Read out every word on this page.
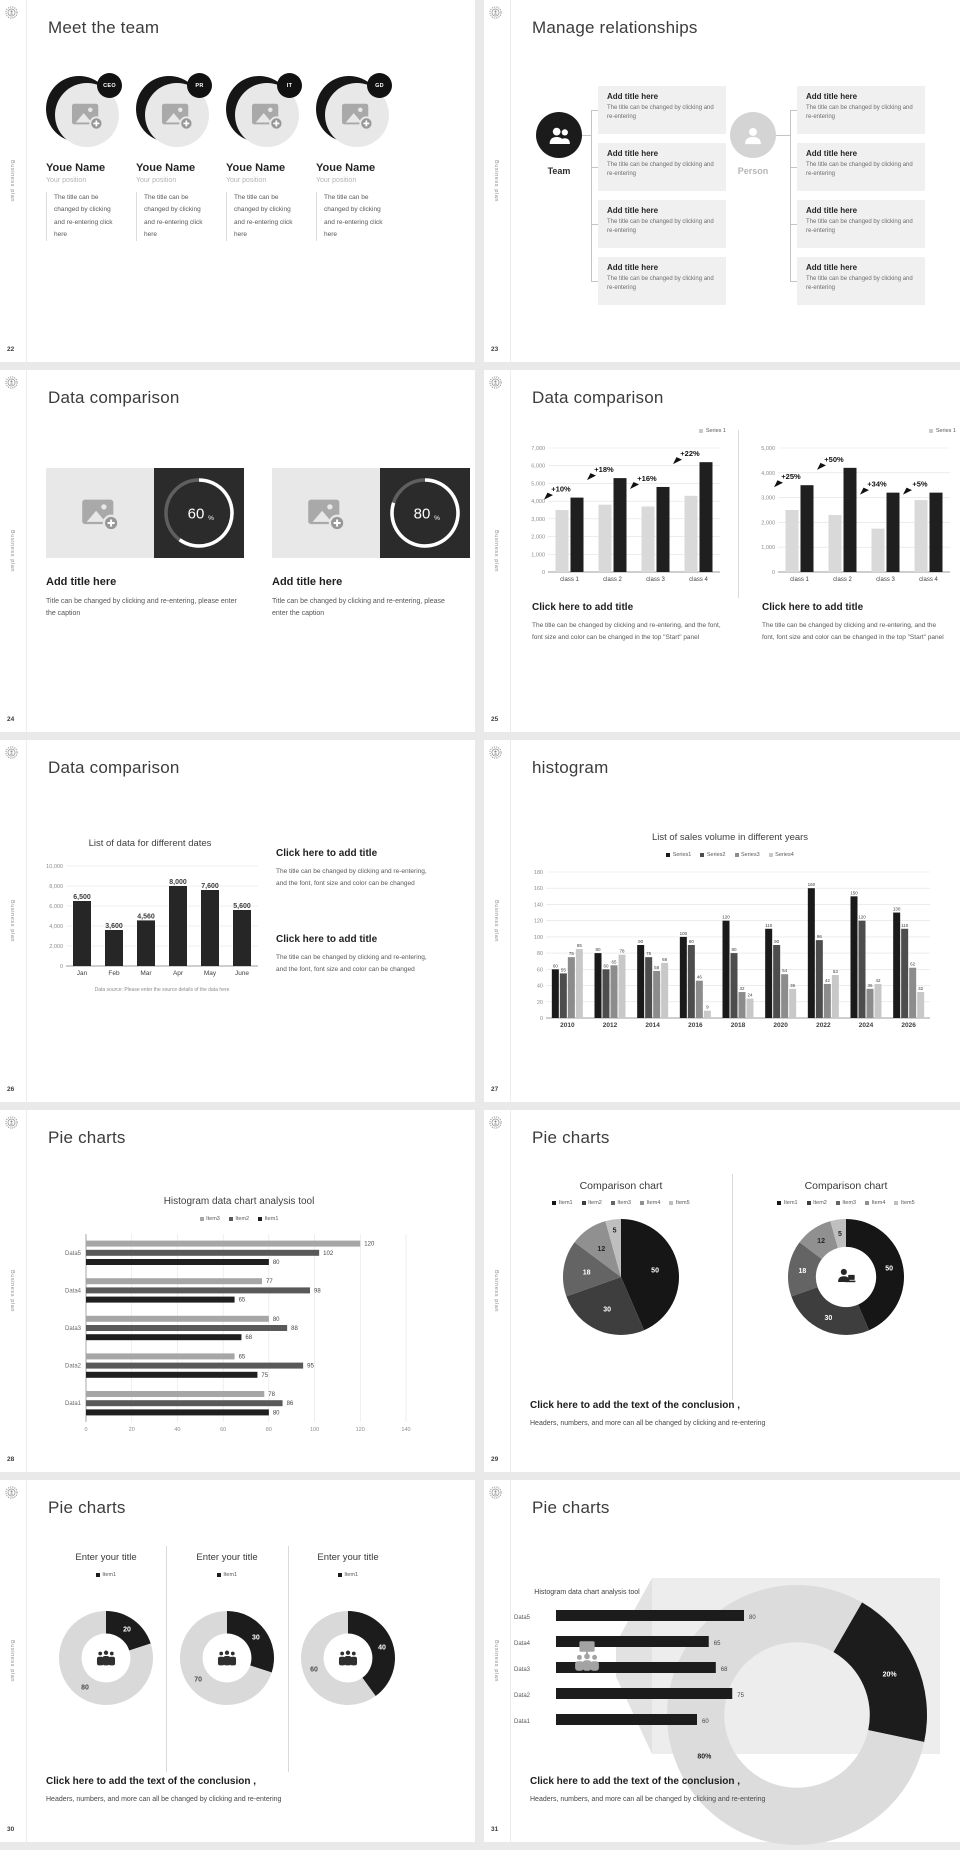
Business plan
22
Meet the team
CEO
Youe Name
Your position
The title can be changed by clicking and re-entering click here
PR
Youe Name
Your position
The title can be changed by clicking and re-entering click here
IT
Youe Name
Your position
The title can be changed by clicking and re-entering click here
GD
Youe Name
Your position
The title can be changed by clicking and re-entering click here
Business plan
23
Manage relationships
Team	Person
Add title here
The title can be changed by clicking and re-entering
Add title here
The title can be changed by clicking and re-entering
Add title here
The title can be changed by clicking and re-entering
Add title here
The title can be changed by clicking and re-entering
Add title here
The title can be changed by clicking and re-entering
Add title here
The title can be changed by clicking and re-entering
Add title here
The title can be changed by clicking and re-entering
Add title here
The title can be changed by clicking and re-entering
Business plan
24
Data comparison
60 %
Add title here
Title can be changed by clicking and re-entering, please enter the caption
80 %
Add title here
Title can be changed by clicking and re-entering, please enter the caption
Business plan
25
Data comparison
Series 1
0
1,000
2,000
3,000
4,000
5,000
6,000
7,000
class 1
+10%
class 2
+18%
class 3
+16%
class 4
+22%
Series 1
0
1,000
2,000
3,000
4,000
5,000
class 1
+25%
class 2
+50%
class 3
+34%
class 4
+5%
Click here to add title
The title can be changed by clicking and re-entering, and the font, font size and color can be changed in the top "Start" panel
Click here to add title
The title can be changed by clicking and re-entering, and the font, font size and color can be changed in the top "Start" panel
Business plan
26
Data comparison
List of data for different dates
0
2,000
4,000
6,000
8,000
10,000
6,500
Jan
3,600
Feb
4,560
Mar
8,000
Apr
7,600
May
5,600
June
Data source: Please enter the source details of the data here
Click here to add title
The title can be changed by clicking and re-entering, and the font, font size and color can be changed
Click here to add title
The title can be changed by clicking and re-entering, and the font, font size and color can be changed
Business plan
27
histogram
Series1	Series2	Series3	Series4
List of sales volume in different years
0
20
40
60
80
100
120
140
160
180
60
55
75
85
2010
80
60
65
78
2012
90
75
58
68
2014
100
90
46
9
2016
120
80
32
24
2018
110
90
54
36
2020
160
96
42
53
2022
150
120
36
42
2024
130
110
62
32
2026
Business plan
28
Pie charts
Item3	Item2	Item1
Histogram data chart analysis tool
0	20	40	60	80	100	120	140
Data5
120
102
80
Data4
77
98
65
Data3
80
88
68
Data2
65
95
75
Data1
78
86
80
Business plan
29
Pie charts
Comparison chart
Item1	Item2	Item3	Item4	Item5
50
30
18
12
5
Comparison chart
Item1	Item2	Item3	Item4	Item5
50
30
18
12
5
Click here to add the text of the conclusion ,
Headers, numbers, and more can all be changed by clicking and re-entering
Business plan
30
Pie charts
Enter your title
Item1
20
80
Enter your title
Item1
30
70
Enter your title
Item1
40
60
Click here to add the text of the conclusion ,
Headers, numbers, and more can all be changed by clicking and re-entering
Business plan
31
Pie charts
20%
80%
Histogram data chart analysis tool
Data5	80
Data4	65
Data3	68
Data2	75
Data1	60
Click here to add the text of the conclusion ,
Headers, numbers, and more can all be changed by clicking and re-entering
